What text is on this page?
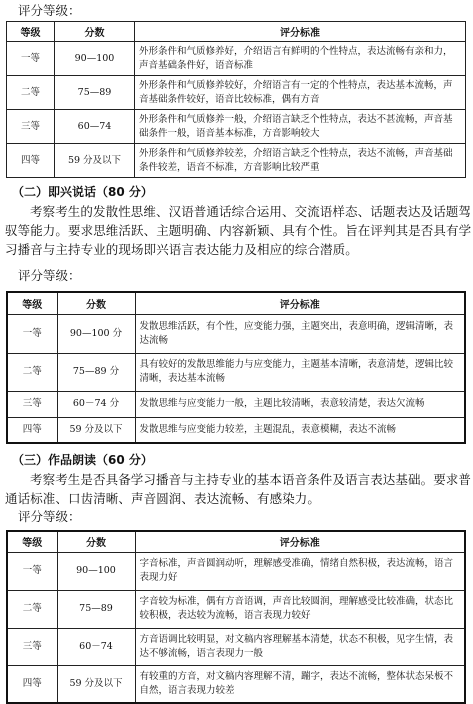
评分等级：
等级	分数	评分标准
一等	90—100	外形条件和气质修养好，介绍语言有鲜明的个性特点，表达流畅有亲和力，声音基础条件好，语音标准
二等	75—89	外形条件和气质修养较好，介绍语言有一定的个性特点，表达基本流畅，声音基础条件较好，语音比较标准，偶有方音
三等	60—74	外形条件和气质修养一般，介绍语言缺乏个性特点，表达不甚流畅，声音基础条件一般，语音基本标准，方音影响较大
四等	59 分及以下	外形条件和气质修养较差，介绍语言缺乏个性特点，表达不流畅，声音基础条件较差，语音不标准，方音影响比较严重
（二）即兴说话（80 分）
考察考生的发散性思维、汉语普通话综合运用、交流语样态、话题表达及话题驾驭等能力。要求思维活跃、主题明确、内容新颖、具有个性。旨在评判其是否具有学习播音与主持专业的现场即兴语言表达能力及相应的综合潜质。
评分等级：
等级	分数	评分标准
一等	90—100 分	发散思维活跃，有个性，应变能力强，主题突出，表意明确，逻辑清晰，表达流畅
二等	75—89 分	具有较好的发散思维能力与应变能力，主题基本清晰，表意清楚，逻辑比较清晰，表达基本流畅
三等	60－74 分	发散思维与应变能力一般，主题比较清晰，表意较清楚，表达欠流畅
四等	59 分及以下	发散思维与应变能力较差，主题混乱，表意模糊，表达不流畅
（三）作品朗读（60 分）
考察考生是否具备学习播音与主持专业的基本语音条件及语言表达基础。要求普通话标准、口齿清晰、声音圆润、表达流畅、有感染力。
评分等级：
等级	分数	评分标准
一等	90—100	字音标准，声音圆润动听，理解感受准确，情绪自然积极，表达流畅，语言表现力好
二等	75—89	字音较为标准，偶有方音语调，声音比较圆润，理解感受比较准确，状态比较积极，表达较为流畅，语言表现力较好
三等	60－74	方音语调比较明显，对文稿内容理解基本清楚，状态不积极，见字生情，表达不够流畅，语言表现力一般
四等	59 分及以下	有较重的方音，对文稿内容理解不清，蹦字，表达不流畅，整体状态呆板不自然，语言表现力较差
